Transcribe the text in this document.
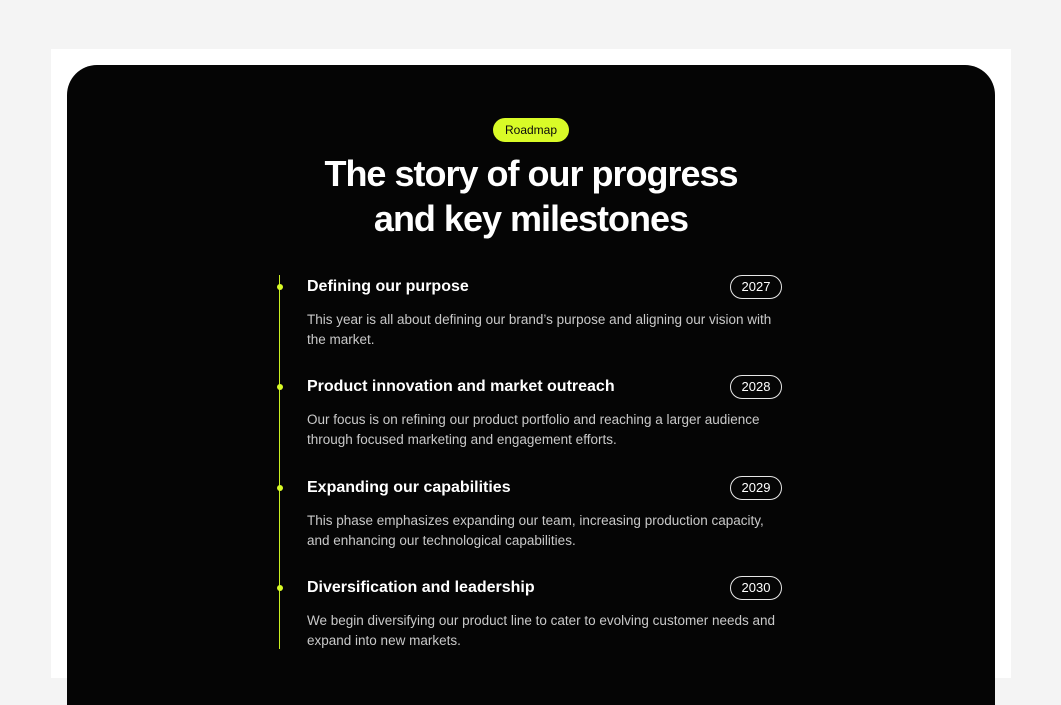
Roadmap
The story of our progress
and key milestones
Defining our purpose	2027

This year is all about defining our brand’s purpose and aligning our vision with the market.

Product innovation and market outreach	2028

Our focus is on refining our product portfolio and reaching a larger audience through focused marketing and engagement efforts.

Expanding our capabilities	2029

This phase emphasizes expanding our team, increasing production capacity, and enhancing our technological capabilities.

Diversification and leadership	2030

We begin diversifying our product line to cater to evolving customer needs and expand into new markets.
